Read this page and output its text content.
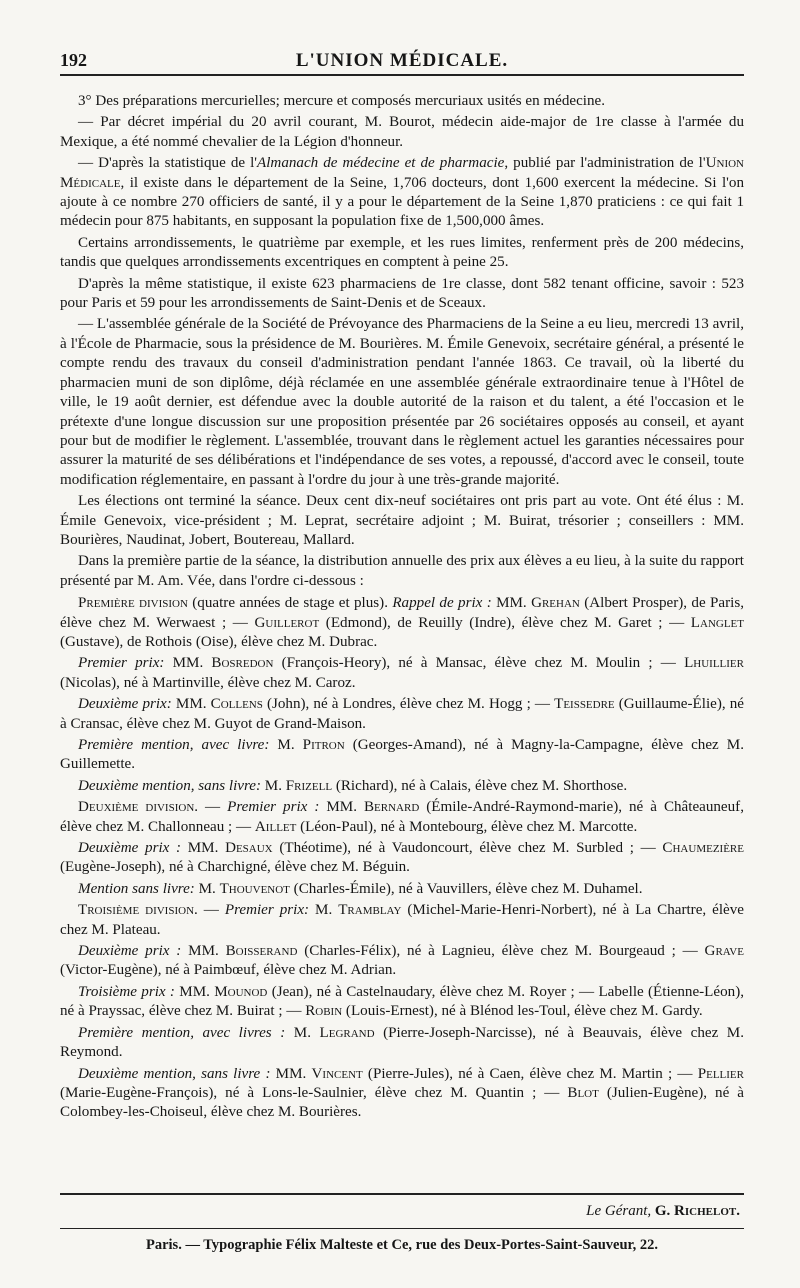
192	L'UNION MÉDICALE.

3° Des préparations mercurielles; mercure et composés mercuriaux usités en médecine.

— Par décret impérial du 20 avril courant, M. Bourot, médecin aide-major de 1re classe à l'armée du Mexique, a été nommé chevalier de la Légion d'honneur.

— D'après la statistique de l'Almanach de médecine et de pharmacie, publié par l'administration de l'Union Médicale, il existe dans le département de la Seine, 1,706 docteurs, dont 1,600 exercent la médecine. Si l'on ajoute à ce nombre 270 officiers de santé, il y a pour le département de la Seine 1,870 praticiens : ce qui fait 1 médecin pour 875 habitants, en supposant la population fixe de 1,500,000 âmes.

Certains arrondissements, le quatrième par exemple, et les rues limites, renferment près de 200 médecins, tandis que quelques arrondissements excentriques en comptent à peine 25.

D'après la même statistique, il existe 623 pharmaciens de 1re classe, dont 582 tenant officine, savoir : 523 pour Paris et 59 pour les arrondissements de Saint-Denis et de Sceaux.

— L'assemblée générale de la Société de Prévoyance des Pharmaciens de la Seine a eu lieu, mercredi 13 avril, à l'École de Pharmacie, sous la présidence de M. Bourières. M. Émile Genevoix, secrétaire général, a présenté le compte rendu des travaux du conseil d'administration pendant l'année 1863. Ce travail, où la liberté du pharmacien muni de son diplôme, déjà réclamée en une assemblée générale extraordinaire tenue à l'Hôtel de ville, le 19 août dernier, est défendue avec la double autorité de la raison et du talent, a été l'occasion et le prétexte d'une longue discussion sur une proposition présentée par 26 sociétaires opposés au conseil, et ayant pour but de modifier le règlement. L'assemblée, trouvant dans le règlement actuel les garanties nécessaires pour assurer la maturité de ses délibérations et l'indépendance de ses votes, a repoussé, d'accord avec le conseil, toute modification réglementaire, en passant à l'ordre du jour à une très-grande majorité.

Les élections ont terminé la séance. Deux cent dix-neuf sociétaires ont pris part au vote. Ont été élus : M. Émile Genevoix, vice-président ; M. Leprat, secrétaire adjoint ; M. Buirat, trésorier ; conseillers : MM. Bourières, Naudinat, Jobert, Boutereau, Mallard.

Dans la première partie de la séance, la distribution annuelle des prix aux élèves a eu lieu, à la suite du rapport présenté par M. Am. Vée, dans l'ordre ci-dessous :

Première division (quatre années de stage et plus). Rappel de prix : MM. Grehan (Albert Prosper), de Paris, élève chez M. Werwaest ; — Guillerot (Edmond), de Reuilly (Indre), élève chez M. Garet ; — Langlet (Gustave), de Rothois (Oise), élève chez M. Dubrac.

Premier prix: MM. Bosredon (François-Heory), né à Mansac, élève chez M. Moulin ; — Lhuillier (Nicolas), né à Martinville, élève chez M. Caroz.

Deuxième prix: MM. Collens (John), né à Londres, élève chez M. Hogg ; — Teissedre (Guillaume-Élie), né à Cransac, élève chez M. Guyot de Grand-Maison.

Première mention, avec livre: M. Pitron (Georges-Amand), né à Magny-la-Campagne, élève chez M. Guillemette.

Deuxième mention, sans livre: M. Frizell (Richard), né à Calais, élève chez M. Shorthose.

Deuxième division. — Premier prix : MM. Bernard (Émile-André-Raymond-marie), né à Châteauneuf, élève chez M. Challonneau ; — Aillet (Léon-Paul), né à Montebourg, élève chez M. Marcotte.

Deuxième prix : MM. Desaux (Théotime), né à Vaudoncourt, élève chez M. Surbled ; — Chaumezière (Eugène-Joseph), né à Charchigné, élève chez M. Béguin.

Mention sans livre: M. Thouvenot (Charles-Émile), né à Vauvillers, élève chez M. Duhamel.

Troisième division. — Premier prix: M. Tramblay (Michel-Marie-Henri-Norbert), né à La Chartre, élève chez M. Plateau.

Deuxième prix : MM. Boisserand (Charles-Félix), né à Lagnieu, élève chez M. Bourgeaud ; — Grave (Victor-Eugène), né à Paimbœuf, élève chez M. Adrian.

Troisième prix : MM. Mounod (Jean), né à Castelnaudary, élève chez M. Royer ; — Labelle (Étienne-Léon), né à Prayssac, élève chez M. Buirat ; — Robin (Louis-Ernest), né à Blénod les-Toul, élève chez M. Gardy.

Première mention, avec livres : M. Legrand (Pierre-Joseph-Narcisse), né à Beauvais, élève chez M. Reymond.

Deuxième mention, sans livre : MM. Vincent (Pierre-Jules), né à Caen, élève chez M. Martin ; — Pellier (Marie-Eugène-François), né à Lons-le-Saulnier, élève chez M. Quantin ; — Blot (Julien-Eugène), né à Colombey-les-Choiseul, élève chez M. Bourières.

Le Gérant, G. Richelot.
Paris. — Typographie Félix Malteste et Ce, rue des Deux-Portes-Saint-Sauveur, 22.
